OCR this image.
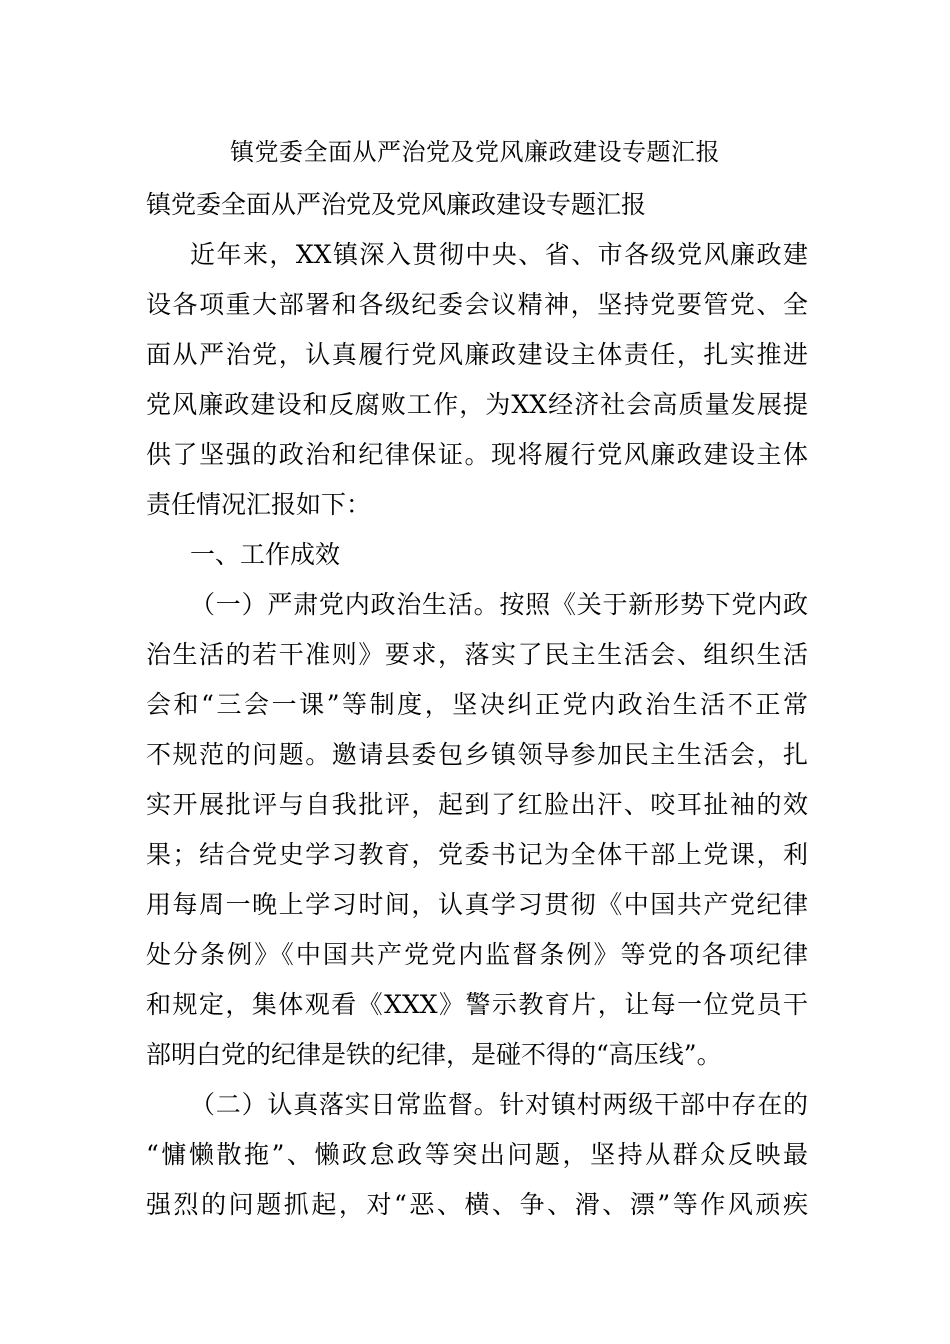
镇党委全面从严治党及党风廉政建设专题汇报
镇党委全面从严治党及党风廉政建设专题汇报
近年来，XX镇深入贯彻中央、省、市各级党风廉政建
设各项重大部署和各级纪委会议精神，坚持党要管党、全
面从严治党，认真履行党风廉政建设主体责任，扎实推进
党风廉政建设和反腐败工作，为XX经济社会高质量发展提
供了坚强的政治和纪律保证。现将履行党风廉政建设主体
责任情况汇报如下：
一、工作成效
（一）严肃党内政治生活。按照《关于新形势下党内政
治生活的若干准则》要求，落实了民主生活会、组织生活
会和“三会一课”等制度，坚决纠正党内政治生活不正常
不规范的问题。邀请县委包乡镇领导参加民主生活会，扎
实开展批评与自我批评，起到了红脸出汗、咬耳扯袖的效
果；结合党史学习教育，党委书记为全体干部上党课，利
用每周一晚上学习时间，认真学习贯彻《中国共产党纪律
处分条例》《中国共产党党内监督条例》等党的各项纪律
和规定，集体观看《XXX》警示教育片，让每一位党员干
部明白党的纪律是铁的纪律，是碰不得的“高压线”。
（二）认真落实日常监督。针对镇村两级干部中存在的
“慵懒散拖”、懒政怠政等突出问题，坚持从群众反映最
强烈的问题抓起，对“恶、横、争、滑、漂”等作风顽疾
